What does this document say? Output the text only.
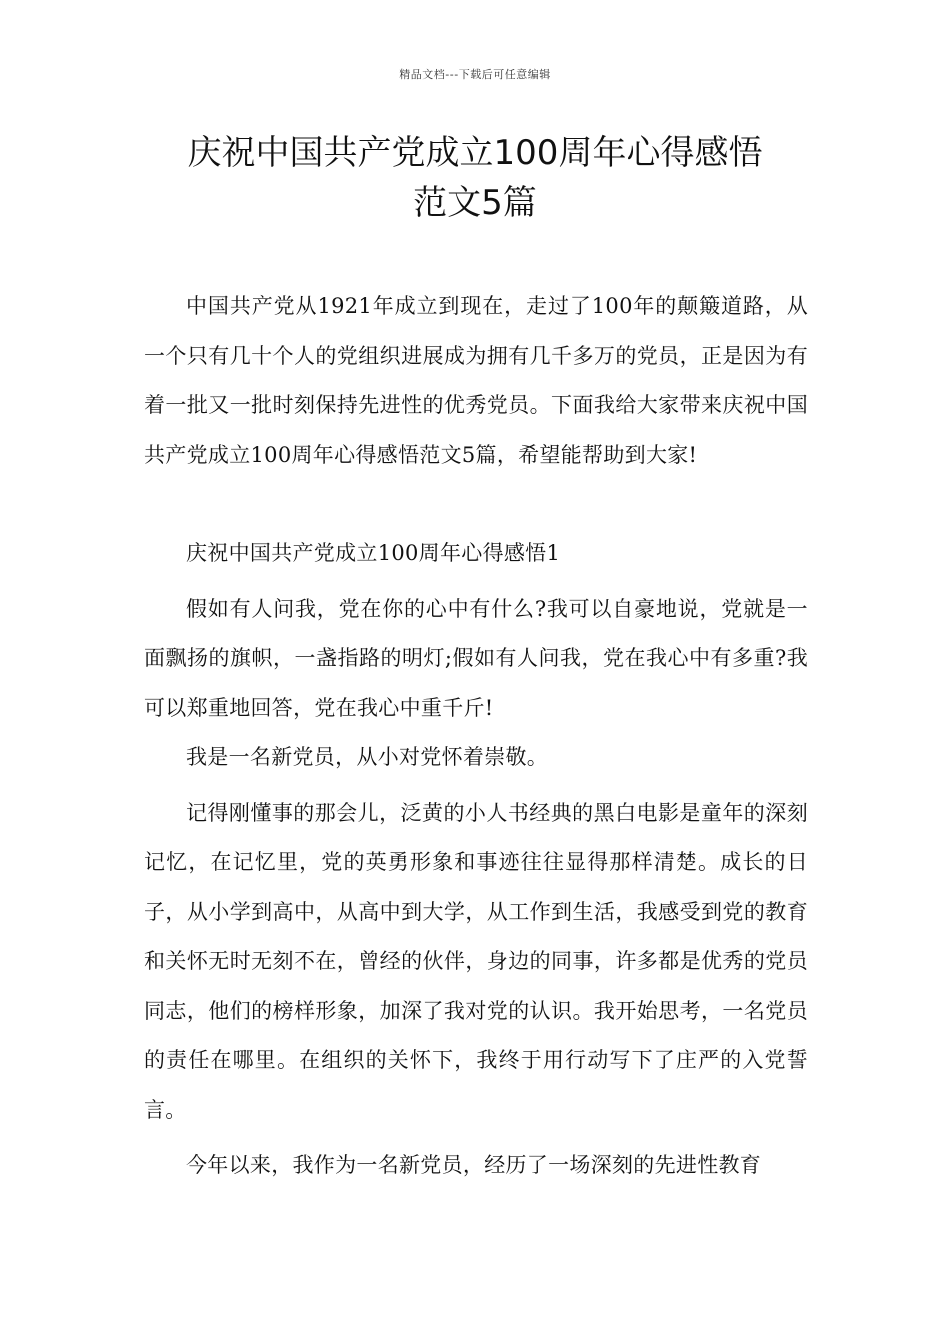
精品文档---下载后可任意编辑
庆祝中国共产党成立100周年心得感悟
范文5篇

中国共产党从1921年成立到现在，走过了100年的颠簸道路，从一个只有几十个人的党组织进展成为拥有几千多万的党员，正是因为有着一批又一批时刻保持先进性的优秀党员。下面我给大家带来庆祝中国共产党成立100周年心得感悟范文5篇，希望能帮助到大家!

庆祝中国共产党成立100周年心得感悟1

假如有人问我，党在你的心中有什么?我可以自豪地说，党就是一面飘扬的旗帜，一盏指路的明灯;假如有人问我，党在我心中有多重?我可以郑重地回答，党在我心中重千斤!

我是一名新党员，从小对党怀着崇敬。

记得刚懂事的那会儿，泛黄的小人书经典的黑白电影是童年的深刻记忆，在记忆里，党的英勇形象和事迹往往显得那样清楚。成长的日子，从小学到高中，从高中到大学，从工作到生活，我感受到党的教育和关怀无时无刻不在，曾经的伙伴，身边的同事，许多都是优秀的党员同志，他们的榜样形象，加深了我对党的认识。我开始思考，一名党员的责任在哪里。在组织的关怀下，我终于用行动写下了庄严的入党誓言。

今年以来，我作为一名新党员，经历了一场深刻的先进性教育
